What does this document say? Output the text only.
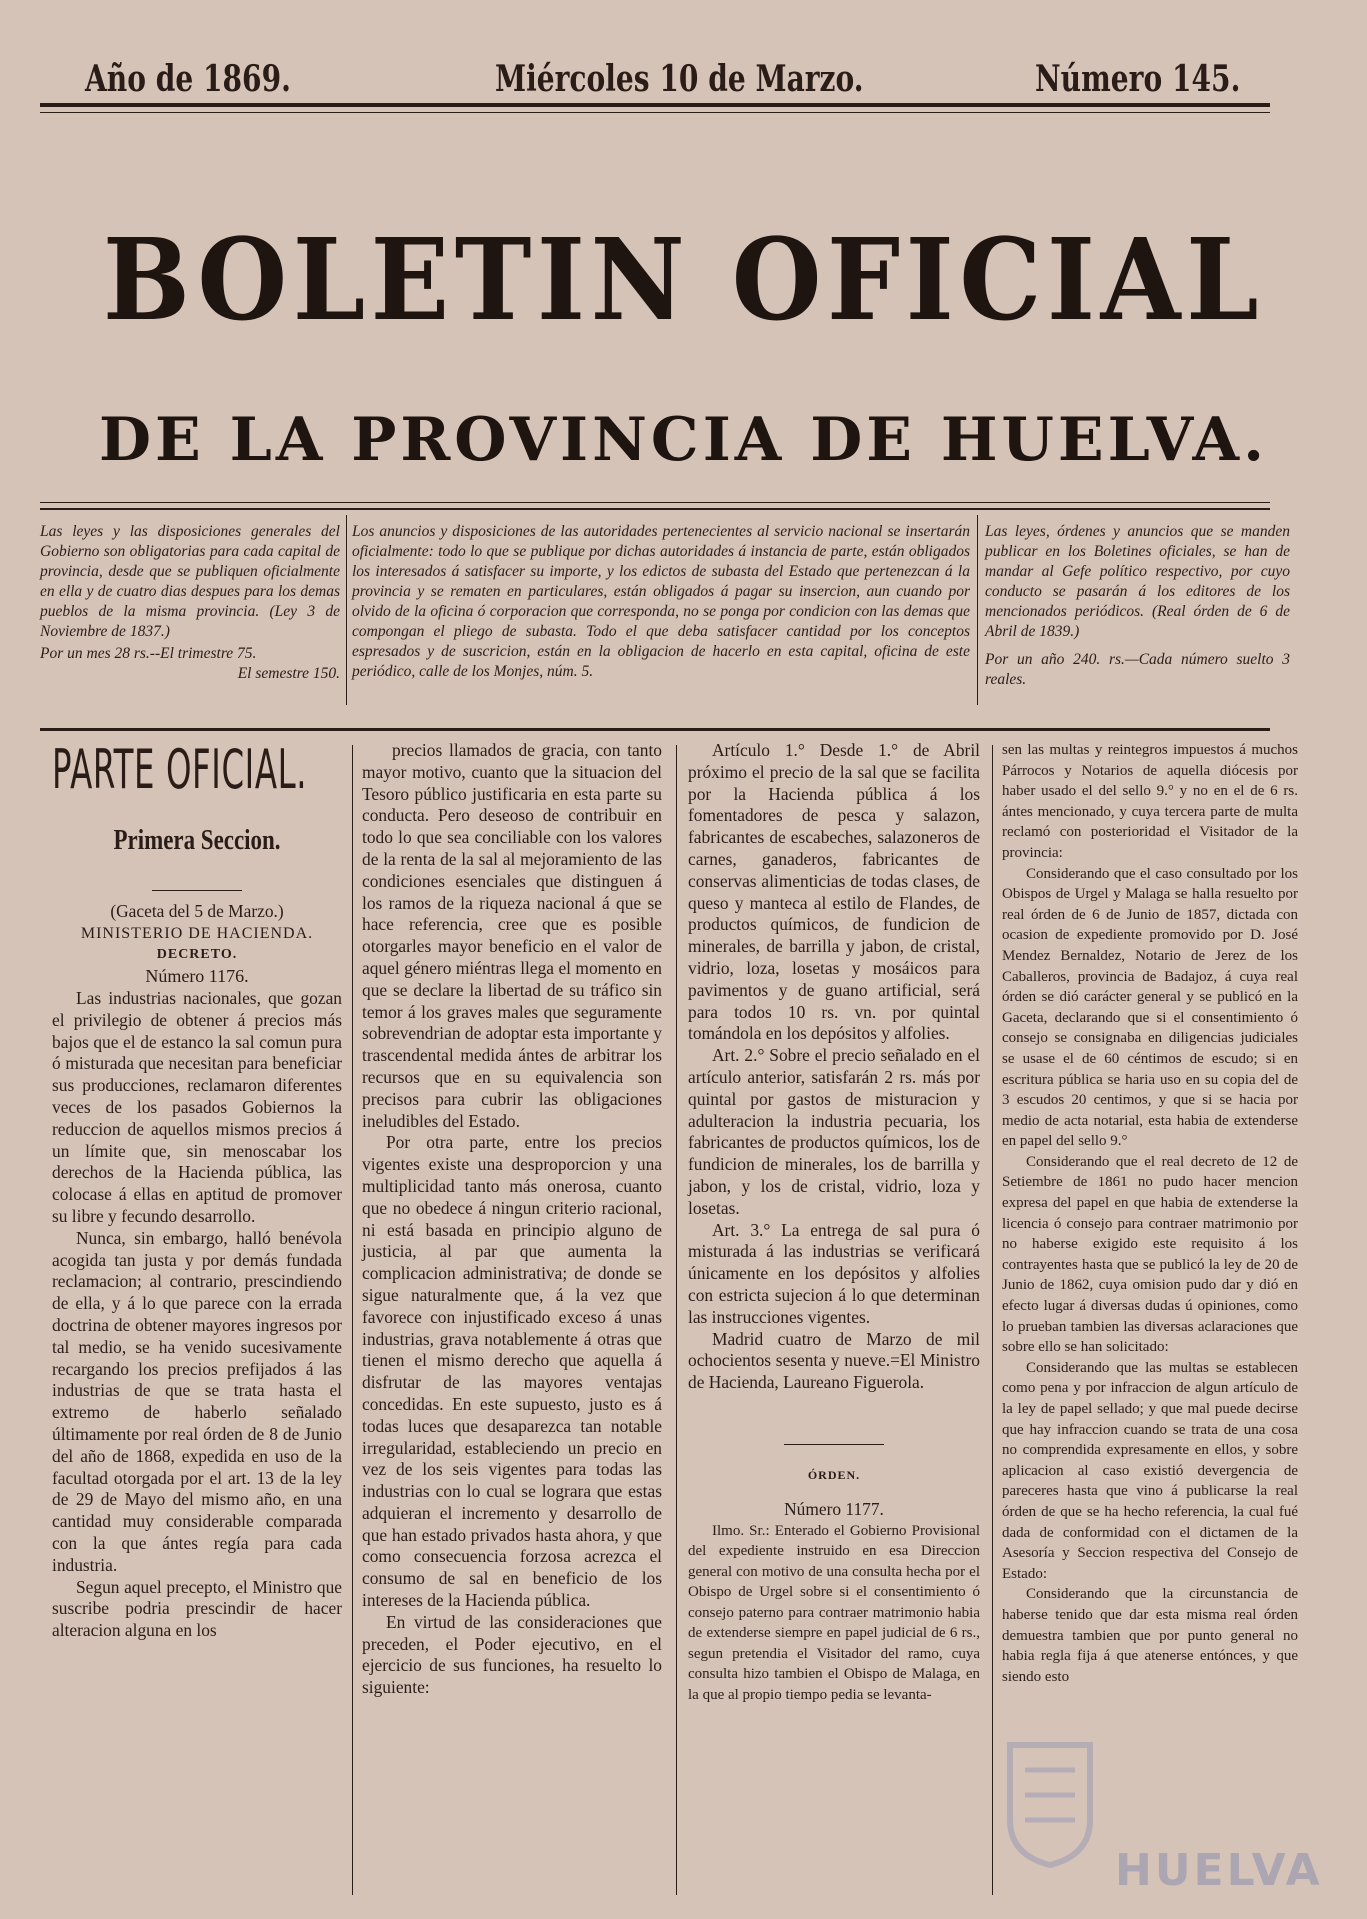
Año de 1869.	Miércoles 10 de Marzo.	Número 145.
BOLETIN OFICIAL
DE LA PROVINCIA DE HUELVA.
Las leyes y las disposiciones generales del Gobierno son obligatorias para cada capital de provincia, desde que se publiquen oficialmente en ella y de cuatro dias despues para los demas pueblos de la misma provincia. (Ley 3 de Noviembre de 1837.)
Por un mes 28 rs.--El trimestre 75.
El semestre 150.
Los anuncios y disposiciones de las autoridades pertenecientes al servicio nacional se insertarán oficialmente: todo lo que se publique por dichas autoridades á instancia de parte, están obligados los interesados á satisfacer su importe, y los edictos de subasta del Estado que pertenezcan á la provincia y se rematen en particulares, están obligados á pagar su insercion, aun cuando por olvido de la oficina ó corporacion que corresponda, no se ponga por condicion con las demas que compongan el pliego de subasta. Todo el que deba satisfacer cantidad por los conceptos espresados y de suscricion, están en la obligacion de hacerlo en esta capital, oficina de este periódico, calle de los Monjes, núm. 5.
Las leyes, órdenes y anuncios que se manden publicar en los Boletines oficiales, se han de mandar al Gefe político respectivo, por cuyo conducto se pasarán á los editores de los mencionados periódicos. (Real órden de 6 de Abril de 1839.)
Por un año 240. rs.—Cada número suelto 3 reales.
PARTE OFICIAL.
Primera Seccion.

(Gaceta del 5 de Marzo.)

MINISTERIO DE HACIENDA.

DECRETO.

Número 1176.

Las industrias nacionales, que gozan el privilegio de obtener á precios más bajos que el de estanco la sal comun pura ó misturada que necesitan para beneficiar sus producciones, reclamaron diferentes veces de los pasados Gobiernos la reduccion de aquellos mismos precios á un límite que, sin menoscabar los derechos de la Hacienda pública, las colocase á ellas en aptitud de promover su libre y fecundo desarrollo.

Nunca, sin embargo, halló benévola acogida tan justa y por demás fundada reclamacion; al contrario, prescindiendo de ella, y á lo que parece con la errada doctrina de obtener mayores ingresos por tal medio, se ha venido sucesivamente recargando los precios prefijados á las industrias de que se trata hasta el extremo de haberlo señalado últimamente por real órden de 8 de Junio del año de 1868, expedida en uso de la facultad otorgada por el art. 13 de la ley de 29 de Mayo del mismo año, en una cantidad muy considerable comparada con la que ántes regía para cada industria.

Segun aquel precepto, el Ministro que suscribe podria prescindir de hacer alteracion alguna en los

precios llamados de gracia, con tanto mayor motivo, cuanto que la situacion del Tesoro público justificaria en esta parte su conducta. Pero deseoso de contribuir en todo lo que sea conciliable con los valores de la renta de la sal al mejoramiento de las condiciones esenciales que distinguen á los ramos de la riqueza nacional á que se hace referencia, cree que es posible otorgarles mayor beneficio en el valor de aquel género miéntras llega el momento en que se declare la libertad de su tráfico sin temor á los graves males que seguramente sobrevendrian de adoptar esta importante y trascendental medida ántes de arbitrar los recursos que en su equivalencia son precisos para cubrir las obligaciones ineludibles del Estado.

Por otra parte, entre los precios vigentes existe una desproporcion y una multiplicidad tanto más onerosa, cuanto que no obedece á ningun criterio racional, ni está basada en principio alguno de justicia, al par que aumenta la complicacion administrativa; de donde se sigue naturalmente que, á la vez que favorece con injustificado exceso á unas industrias, grava notablemente á otras que tienen el mismo derecho que aquella á disfrutar de las mayores ventajas concedidas. En este supuesto, justo es á todas luces que desaparezca tan notable irregularidad, estableciendo un precio en vez de los seis vigentes para todas las industrias con lo cual se lograra que estas adquieran el incremento y desarrollo de que han estado privados hasta ahora, y que como consecuencia forzosa acrezca el consumo de sal en beneficio de los intereses de la Hacienda pública.

En virtud de las consideraciones que preceden, el Poder ejecutivo, en el ejercicio de sus funciones, ha resuelto lo siguiente:

Artículo 1.° Desde 1.° de Abril próximo el precio de la sal que se facilita por la Hacienda pública á los fomentadores de pesca y salazon, fabricantes de escabeches, salazoneros de carnes, ganaderos, fabricantes de conservas alimenticias de todas clases, de queso y manteca al estilo de Flandes, de productos químicos, de fundicion de minerales, de barrilla y jabon, de cristal, vidrio, loza, losetas y mosáicos para pavimentos y de guano artificial, será para todos 10 rs. vn. por quintal tomándola en los depósitos y alfolies.

Art. 2.° Sobre el precio señalado en el artículo anterior, satisfarán 2 rs. más por quintal por gastos de misturacion y adulteracion la industria pecuaria, los fabricantes de productos químicos, los de fundicion de minerales, los de barrilla y jabon, y los de cristal, vidrio, loza y losetas.

Art. 3.° La entrega de sal pura ó misturada á las industrias se verificará únicamente en los depósitos y alfolies con estricta sujecion á lo que determinan las instrucciones vigentes.

Madrid cuatro de Marzo de mil ochocientos sesenta y nueve.=El Ministro de Hacienda, Laureano Figuerola.

ÓRDEN.

Número 1177.

Ilmo. Sr.: Enterado el Gobierno Provisional del expediente instruido en esa Direccion general con motivo de una consulta hecha por el Obispo de Urgel sobre si el consentimiento ó consejo paterno para contraer matrimonio habia de extenderse siempre en papel judicial de 6 rs., segun pretendia el Visitador del ramo, cuya consulta hizo tambien el Obispo de Malaga, en la que al propio tiempo pedia se levanta-

sen las multas y reintegros impuestos á muchos Párrocos y Notarios de aquella diócesis por haber usado el del sello 9.° y no en el de 6 rs. ántes mencionado, y cuya tercera parte de multa reclamó con posterioridad el Visitador de la provincia:

Considerando que el caso consultado por los Obispos de Urgel y Malaga se halla resuelto por real órden de 6 de Junio de 1857, dictada con ocasion de expediente promovido por D. José Mendez Bernaldez, Notario de Jerez de los Caballeros, provincia de Badajoz, á cuya real órden se dió carácter general y se publicó en la Gaceta, declarando que si el consentimiento ó consejo se consignaba en diligencias judiciales se usase el de 60 céntimos de escudo; si en escritura pública se haria uso en su copia del de 3 escudos 20 centimos, y que si se hacia por medio de acta notarial, esta habia de extenderse en papel del sello 9.°

Considerando que el real decreto de 12 de Setiembre de 1861 no pudo hacer mencion expresa del papel en que habia de extenderse la licencia ó consejo para contraer matrimonio por no haberse exigido este requisito á los contrayentes hasta que se publicó la ley de 20 de Junio de 1862, cuya omision pudo dar y dió en efecto lugar á diversas dudas ú opiniones, como lo prueban tambien las diversas aclaraciones que sobre ello se han solicitado:

Considerando que las multas se establecen como pena y por infraccion de algun artículo de la ley de papel sellado; y que mal puede decirse que hay infraccion cuando se trata de una cosa no comprendida expresamente en ellos, y sobre aplicacion al caso existió devergencia de pareceres hasta que vino á publicarse la real órden de que se ha hecho referencia, la cual fué dada de conformidad con el dictamen de la Asesoría y Seccion respectiva del Consejo de Estado:

Considerando que la circunstancia de haberse tenido que dar esta misma real órden demuestra tambien que por punto general no habia regla fija á que atenerse entónces, y que siendo esto

HUELVA
